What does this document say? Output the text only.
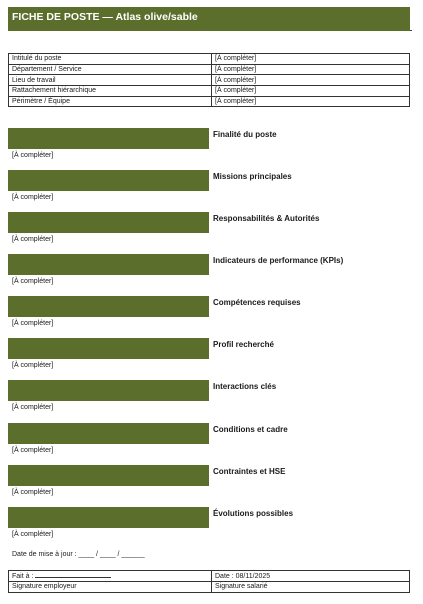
FICHE DE POSTE — Atlas olive/sable
Intitulé du poste	[À compléter]
Département / Service	[À compléter]
Lieu de travail	[À compléter]
Rattachement hiérarchique	[À compléter]
Périmètre / Équipe	[À compléter]
Finalité du poste
[À compléter]
Missions principales
[À compléter]
Responsabilités & Autorités
[À compléter]
Indicateurs de performance (KPIs)
[À compléter]
Compétences requises
[À compléter]
Profil recherché
[À compléter]
Interactions clés
[À compléter]
Conditions et cadre
[À compléter]
Contraintes et HSE
[À compléter]
Évolutions possibles
[À compléter]
Date de mise à jour : ____ / ____ / ______
Fait à :	Date : 08/11/2025
Signature employeur	Signature salarié
